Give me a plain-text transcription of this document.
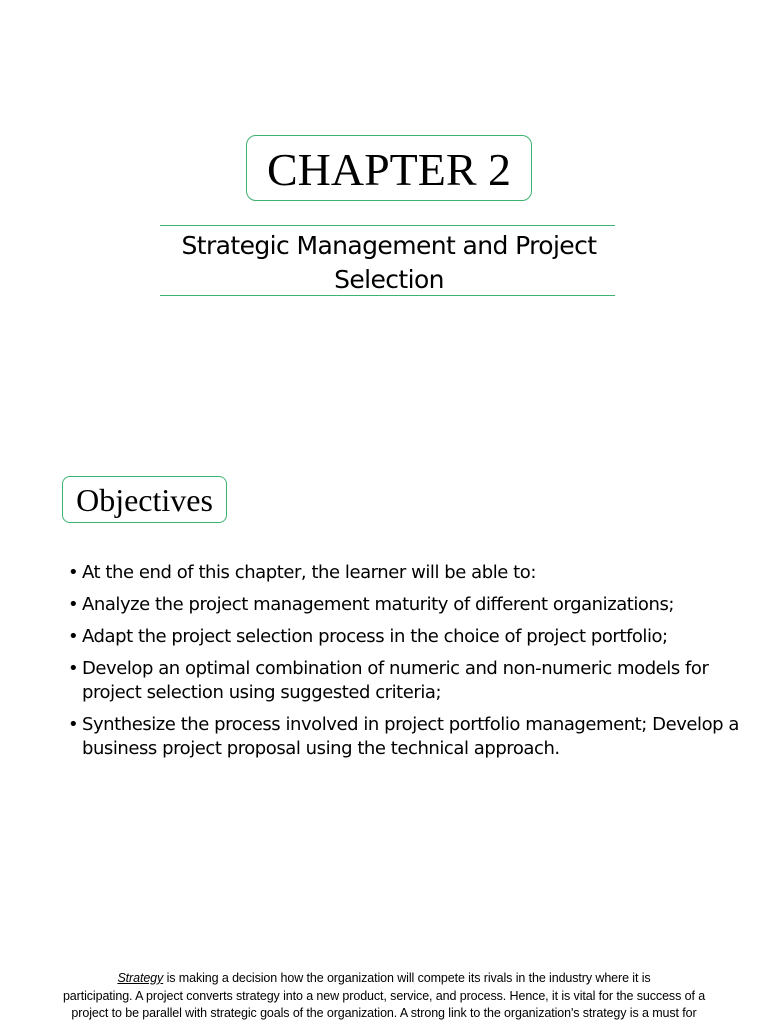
CHAPTER 2
Strategic Management and Project
Selection
Objectives
• At the end of this chapter, the learner will be able to:
• Analyze the project management maturity of different organizations;
• Adapt the project selection process in the choice of project portfolio;
• Develop an optimal combination of numeric and non-numeric models for project selection using suggested criteria;
• Synthesize the process involved in project portfolio management; Develop a business project proposal using the technical approach.
Strategy is making a decision how the organization will compete its rivals in the industry where it is
participating. A project converts strategy into a new product, service, and process. Hence, it is vital for the success of a
project to be parallel with strategic goals of the organization. A strong link to the organization's strategy is a must for
